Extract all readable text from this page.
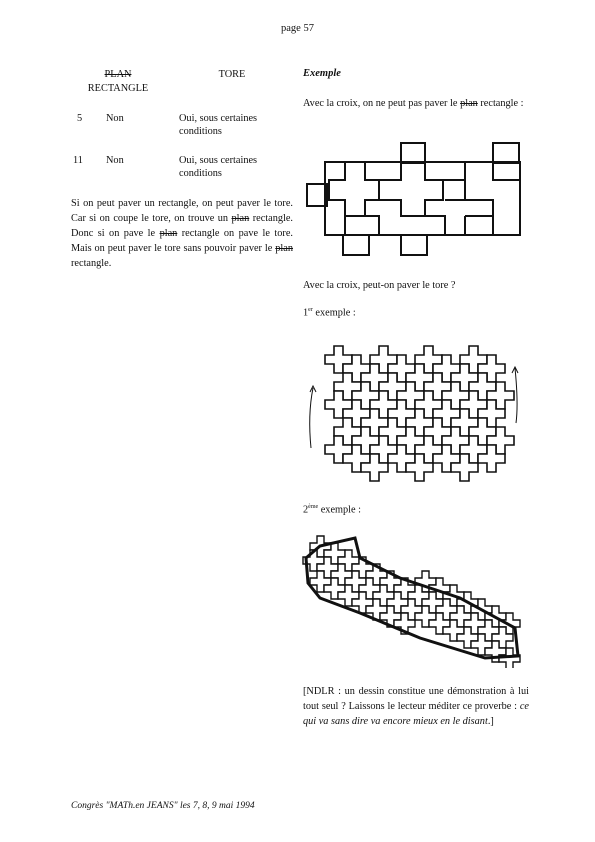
page 57
PLAN
RECTANGLE
TORE
5 Non	Oui, sous certaines
conditions
11 Non	Oui, sous certaines
conditions
Si on peut paver un rectangle, on peut paver le tore. Car si on coupe le tore, on trouve un plan rectangle. Donc si on pave le plan rectangle on pave le tore. Mais on peut paver le tore sans pouvoir paver le plan rectangle.
Exemple
Avec la croix, on ne peut pas paver le plan rectangle :
Avec la croix, peut-on paver le tore ?
1er exemple :
2ème exemple :
[NDLR : un dessin constitue une démonstration à lui tout seul ? Laissons le lecteur méditer ce proverbe : ce qui va sans dire va encore mieux en le disant.]
Congrès "MATh.en JEANS" les 7, 8, 9 mai 1994
